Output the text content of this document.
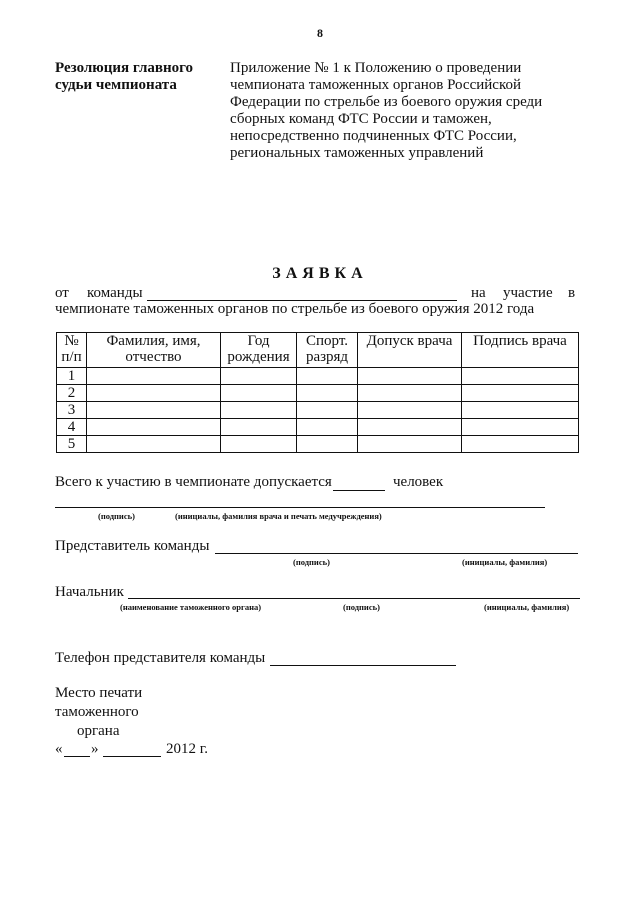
8
Резолюция главного судьи чемпионата
Приложение № 1 к Положению о проведении чемпионата таможенных органов Российской Федерации по стрельбе из боевого оружия среди сборных команд ФТС России и таможен, непосредственно подчиненных ФТС России, региональных таможенных управлений
ЗАЯВКА
от команды	на участие в
чемпионате таможенных органов по стрельбе из боевого оружия 2012 года
№ п/п	Фамилия, имя, отчество	Год рождения	Спорт. разряд	Допуск врача	Подпись врача
1					
2					
3					
4					
5					
Всего к участию в чемпионате допускается	человек
(подпись)	(инициалы, фамилия врача и печать медучреждения)
Представитель команды
(подпись)	(инициалы, фамилия)
Начальник
(наименование таможенного органа)	(подпись)	(инициалы, фамилия)
Телефон представителя команды
Место печати
таможенного
органа
« »	2012 г.
